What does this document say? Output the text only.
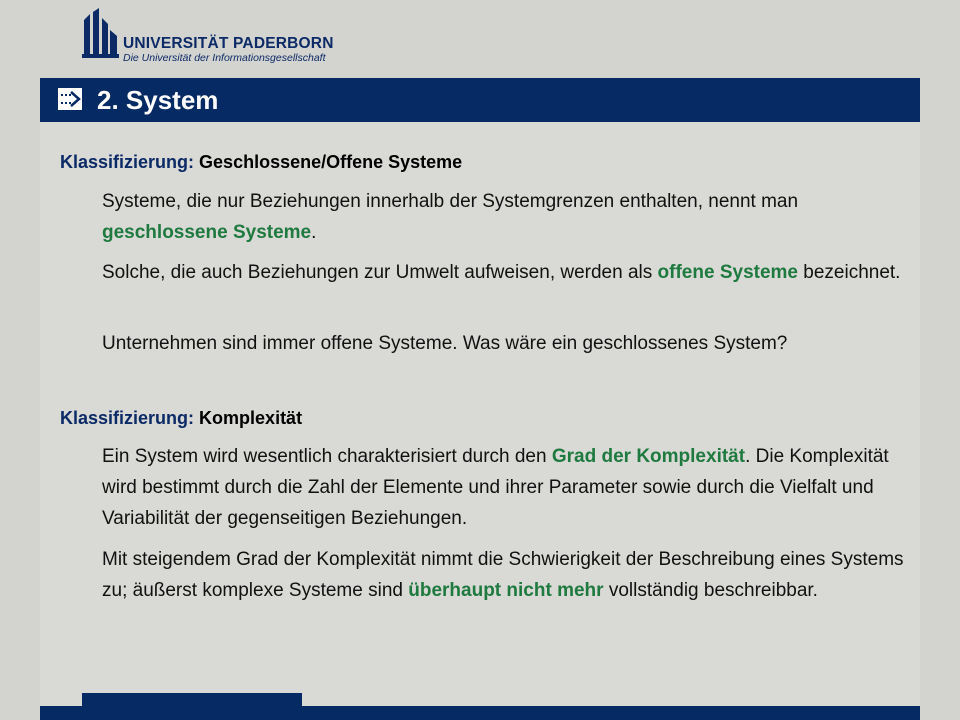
UNIVERSITÄT PADERBORN
Die Universität der Informationsgesellschaft
2. System
Klassifizierung: Geschlossene/Offene Systeme
Systeme, die nur Beziehungen innerhalb der Systemgrenzen enthalten, nennt man geschlossene Systeme.
Solche, die auch Beziehungen zur Umwelt aufweisen, werden als offene Systeme bezeichnet.
Unternehmen sind immer offene Systeme. Was wäre ein geschlossenes System?
Klassifizierung: Komplexität
Ein System wird wesentlich charakterisiert durch den Grad der Komplexität. Die Komplexität wird bestimmt durch die Zahl der Elemente und ihrer Parameter sowie durch die Vielfalt und Variabilität der gegenseitigen Beziehungen.
Mit steigendem Grad der Komplexität nimmt die Schwierigkeit der Beschreibung eines Systems zu; äußerst komplexe Systeme sind überhaupt nicht mehr vollständig beschreibbar.
